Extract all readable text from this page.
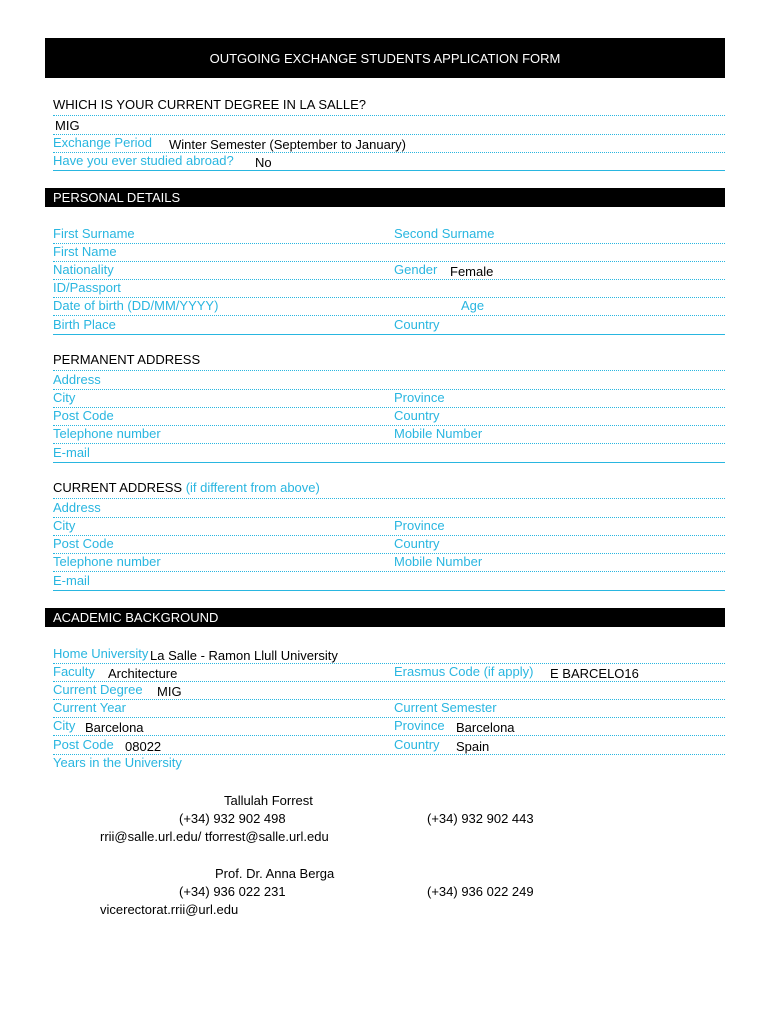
OUTGOING EXCHANGE STUDENTS APPLICATION FORM
WHICH IS YOUR CURRENT DEGREE IN LA SALLE?
MIG
Exchange Period Winter Semester (September to January)
Have you ever studied abroad? No
PERSONAL DETAILS
First Surname	Second Surname
First Name
Nationality	Gender Female
ID/Passport
Date of birth (DD/MM/YYYY)	Age
Birth Place	Country
PERMANENT ADDRESS
Address
City	Province
Post Code	Country
Telephone number	Mobile Number
E-mail
CURRENT ADDRESS (if different from above)
Address
City	Province
Post Code	Country
Telephone number	Mobile Number
E-mail
ACADEMIC BACKGROUND
Home University La Salle - Ramon Llull University
Faculty Architecture	Erasmus Code (if apply) E BARCELO16
Current Degree MIG
Current Year	Current Semester
City Barcelona	Province Barcelona
Post Code 08022	Country Spain
Years in the University
Tallulah Forrest
(+34) 932 902 498	(+34) 932 902 443
rrii@salle.url.edu/ tforrest@salle.url.edu
Prof. Dr. Anna Berga
(+34) 936 022 231	(+34) 936 022 249
vicerectorat.rrii@url.edu
